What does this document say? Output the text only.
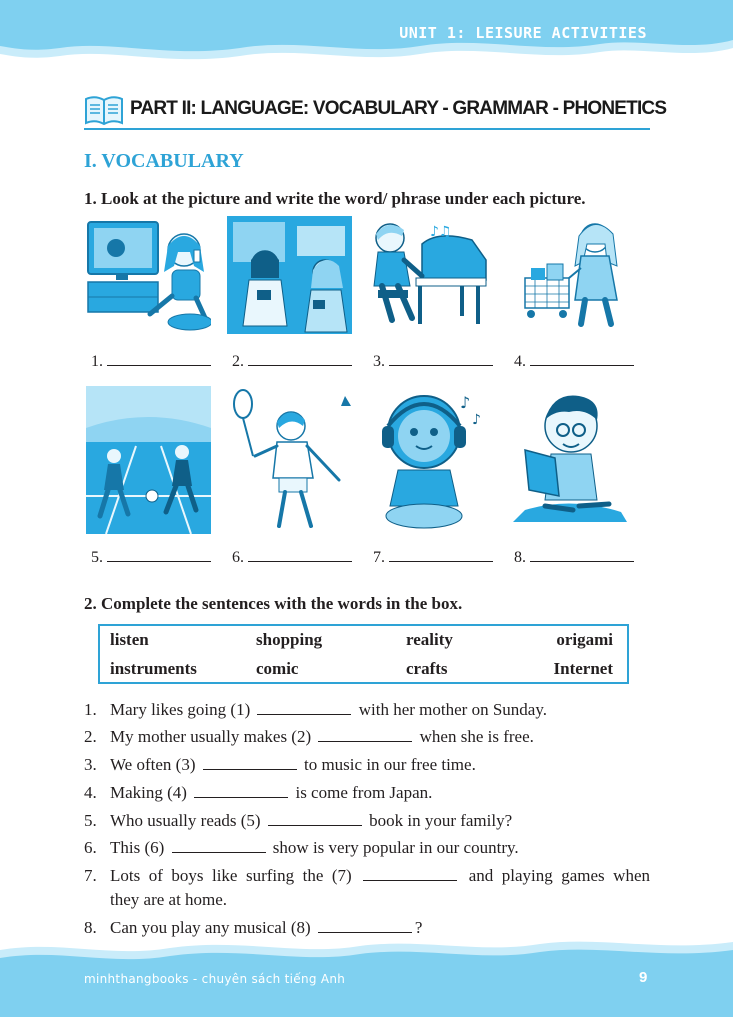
UNIT 1: LEISURE ACTIVITIES
PART II: LANGUAGE: VOCABULARY - GRAMMAR - PHONETICS
I. VOCABULARY
1. Look at the picture and write the word/ phrase under each picture.
♪♫
1.	2.	3.	4.
♪
♪
5.	6.	7.	8.
2. Complete the sentences with the words in the box.
listen	shopping	reality	origami
instruments	comic	crafts	Internet
1. Mary likes going (1)	with her mother on Sunday.
2. My mother usually makes (2)	when she is free.
3. We often (3)	to music in our free time.
4. Making (4)	is come from Japan.
5. Who usually reads (5)	book in your family?
6. This (6)	show is very popular in our country.
7. Lots of boys like surfing the (7)	and playing games when
they are at home.
8. Can you play any musical (8)	?
minhthangbooks - chuyên sách tiếng Anh	9
